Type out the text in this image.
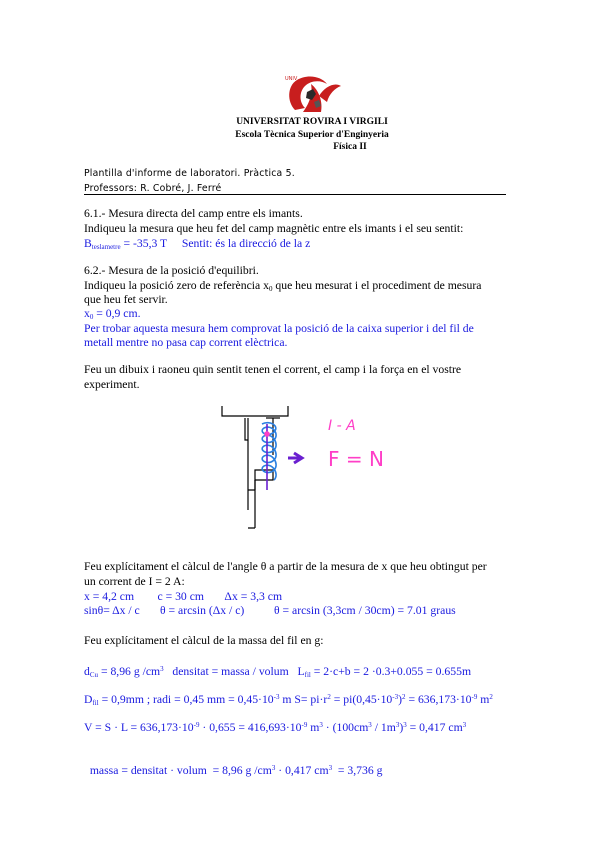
UNIV
UNIVERSITAT ROVIRA I VIRGILI
Escola Tècnica Superior d'Enginyeria
Física II
Plantilla d'informe de laboratori. Pràctica 5.
Professors: R. Cobré, J. Ferré
6.1.- Mesura directa del camp entre els imants.
Indiqueu la mesura que heu fet del camp magnètic entre els imants i el seu sentit:
$B_{teslametre} = -35,3$ T Sentit: és la direcció de la z
6.2.- Mesura de la posició d'equilibri.
Indiqueu la posició zero de referència $x_0$ que heu mesurat i el procediment de mesura
que heu fet servir.
$x_0 = 0,9$ cm.
Per trobar aquesta mesura hem comprovat la posició de la caixa superior i del fil de
metall mentre no pasa cap corrent elèctrica.
Feu un dibuix i raoneu quin sentit tenen el corrent, el camp i la força en el vostre
experiment.
I - A
F = N
Feu explícitament el càlcul de l'angle θ a partir de la mesura de x que heu obtingut per
un corrent de I = 2 A:
x = 4,2 cm        c = 30 cm       Δx = 3,3 cm
sinθ= Δx / c θ = arcsin (Δx / c)	θ = arcsin (3,3cm / 30cm) = 7.01 graus
Feu explícitament el càlcul de la massa del fil en g:
$d_{Cu} = 8,96$ g $/cm^3$ densitat = massa / volum $L_{fil} = 2\cdot c+b = 2 \cdot 0.3+0.055 = 0.655m$
$D_{fil} = 0,9mm$ ; radi = 0,45 mm = $0,45\cdot 10^{-3}$ m $S= pi\cdot r^2 = pi(0,45\cdot 10^{-3})^2 = 636,173\cdot 10^{-9}$ $m^2$
$V = S \cdot L = 636,173\cdot 10^{-9} \cdot 0,655 = 416,693\cdot 10^{-9}$ $m^3 \cdot (100cm^3 / 1m^3)^3 = 0,417$ $cm^3$

massa = densitat · volum  = 8,96 g $/cm^3 \cdot 0,417$ $cm^3 = 3,736$ g
